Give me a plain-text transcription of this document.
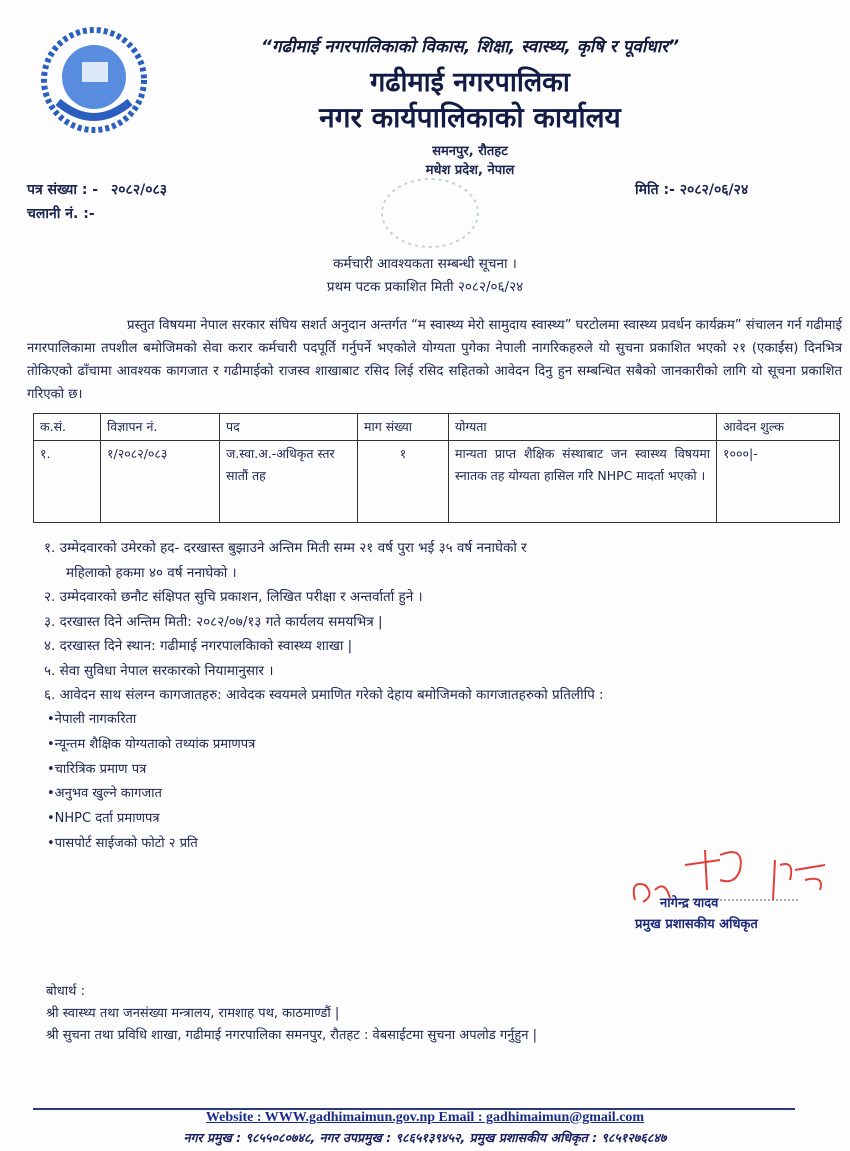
“गढीमाई नगरपालिकाको विकास, शिक्षा, स्वास्थ्य, कृषि र पूर्वाधार”
गढीमाई नगरपालिका
नगर कार्यपालिकाको कार्यालय
समनपुर, रौतहट
मधेश प्रदेश, नेपाल
पत्र संख्या : - २०८२/०८३
चलानी नं. :-
मिति :- २०८२/०६/२४
कर्मचारी आवश्यकता सम्बन्धी सूचना ।
प्रथम पटक प्रकाशित मिती २०८२/०६/२४
प्रस्तुत विषयमा नेपाल सरकार संघिय सशर्त अनुदान अन्तर्गत “म स्वास्थ्य मेरो सामुदाय स्वास्थ्य” घरटोलमा स्वास्थ्य प्रवर्धन कार्यक्रम” संचालन गर्न गढीमाई नगरपालिकामा तपशील बमोजिमको सेवा करार कर्मचारी पदपूर्ति गर्नुपर्ने भएकोले योग्यता पुगेका नेपाली नागरिकहरुले यो सुचना प्रकाशित भएको २१ (एकाईस) दिनभित्र तोकिएको ढाँचामा आवश्यक कागजात र गढीमाईको राजस्व शाखाबाट रसिद लिई रसिद सहितको आवेदन दिनु हुन सम्बन्धित सबैको जानकारीको लागि यो सूचना प्रकाशित गरिएको छ।
क.सं.	विज्ञापन नं.	पद	माग संख्या	योग्यता	आवेदन शुल्क
१.	१/२०८२/०८३	ज.स्वा.अ.-अधिकृत स्तर सातौं तह	१	मान्यता प्राप्त शैक्षिक संस्थाबाट जन स्वास्थ्य विषयमा स्नातक तह योग्यता हासिल गरि NHPC मादर्ता भएको ।	१०००|-
१. उम्मेदवारको उमेरको हद- दरखास्त बुझाउने अन्तिम मिती सम्म २१ वर्ष पुरा भई ३५ वर्ष ननाघेको र
महिलाको हकमा ४० वर्ष ननाघेको ।
२. उम्मेदवारको छनौट संक्षिपत सुचि प्रकाशन, लिखित परीक्षा र अन्तर्वार्ता हुने ।
३. दरखास्त दिने अन्तिम मिती: २०८२/०७/१३ गते कार्यलय समयभित्र |
४. दरखास्त दिने स्थान: गढीमाई नगरपालकिाको स्वास्थ्य शाखा |
५. सेवा सुविधा नेपाल सरकारको नियामानुसार ।
६. आवेदन साथ संलग्न कागजातहरु: आवेदक स्वयमले प्रमाणित गरेको देहाय बमोजिमको कागजातहरुको प्रतिलीपि :
•नेपाली नागकरिता
•न्यून्तम शैक्षिक योग्यताको तथ्यांक प्रमाणपत्र
•चारित्रिक प्रमाण पत्र
•अनुभव खुल्ने कागजात
•NHPC दर्ता प्रमाणपत्र
•पासपोर्ट साईजको फोटो २ प्रति
नागेन्द्र यादव
प्रमुख प्रशासकीय अधिकृत
बोधार्थ :
श्री स्वास्थ्य तथा जनसंख्या मन्त्रालय, रामशाह पथ, काठमाण्डौं |
श्री सुचना तथा प्रविधि शाखा, गढीमाई नगरपालिका समनपुर, रौतहट : वेबसाईटमा सुचना अपलोड गर्नुहुन |
Website : WWW.gadhimaimun.gov.np Email : gadhimaimun@gmail.com
नगर प्रमुख : ९८५५०८०७४८, नगर उपप्रमुख : ९८६५१३९४५२, प्रमुख प्रशासकीय अधिकृत : ९८५१२७६८४७
